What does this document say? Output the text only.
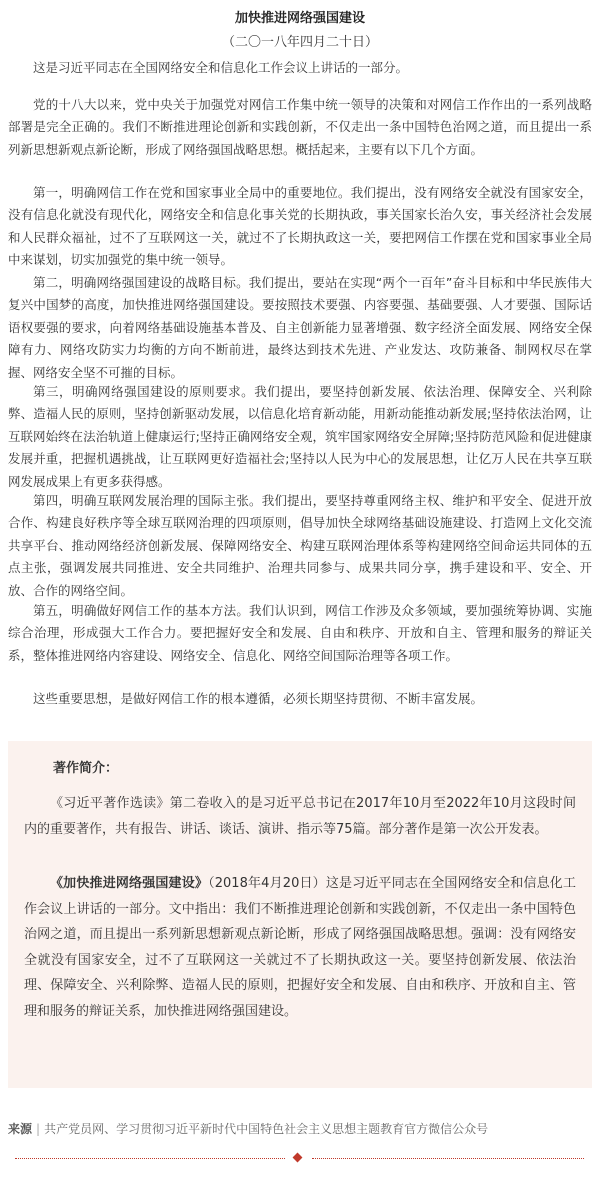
加快推进网络强国建设
（二〇一八年四月二十日）

这是习近平同志在全国网络安全和信息化工作会议上讲话的一部分。

党的十八大以来，党中央关于加强党对网信工作集中统一领导的决策和对网信工作作出的一系列战略部署是完全正确的。我们不断推进理论创新和实践创新，不仅走出一条中国特色治网之道，而且提出一系列新思想新观点新论断，形成了网络强国战略思想。概括起来，主要有以下几个方面。

第一，明确网信工作在党和国家事业全局中的重要地位。我们提出，没有网络安全就没有国家安全，没有信息化就没有现代化，网络安全和信息化事关党的长期执政，事关国家长治久安，事关经济社会发展和人民群众福祉，过不了互联网这一关，就过不了长期执政这一关，要把网信工作摆在党和国家事业全局中来谋划，切实加强党的集中统一领导。

第二，明确网络强国建设的战略目标。我们提出，要站在实现“两个一百年”奋斗目标和中华民族伟大复兴中国梦的高度，加快推进网络强国建设。要按照技术要强、内容要强、基础要强、人才要强、国际话语权要强的要求，向着网络基础设施基本普及、自主创新能力显著增强、数字经济全面发展、网络安全保障有力、网络攻防实力均衡的方向不断前进，最终达到技术先进、产业发达、攻防兼备、制网权尽在掌握、网络安全坚不可摧的目标。

第三，明确网络强国建设的原则要求。我们提出，要坚持创新发展、依法治理、保障安全、兴利除弊、造福人民的原则，坚持创新驱动发展，以信息化培育新动能，用新动能推动新发展;坚持依法治网，让互联网始终在法治轨道上健康运行;坚持正确网络安全观，筑牢国家网络安全屏障;坚持防范风险和促进健康发展并重，把握机遇挑战，让互联网更好造福社会;坚持以人民为中心的发展思想，让亿万人民在共享互联网发展成果上有更多获得感。

第四，明确互联网发展治理的国际主张。我们提出，要坚持尊重网络主权、维护和平安全、促进开放合作、构建良好秩序等全球互联网治理的四项原则，倡导加快全球网络基础设施建设、打造网上文化交流共享平台、推动网络经济创新发展、保障网络安全、构建互联网治理体系等构建网络空间命运共同体的五点主张，强调发展共同推进、安全共同维护、治理共同参与、成果共同分享，携手建设和平、安全、开放、合作的网络空间。

第五，明确做好网信工作的基本方法。我们认识到，网信工作涉及众多领域，要加强统筹协调、实施综合治理，形成强大工作合力。要把握好安全和发展、自由和秩序、开放和自主、管理和服务的辩证关系，整体推进网络内容建设、网络安全、信息化、网络空间国际治理等各项工作。

这些重要思想，是做好网信工作的根本遵循，必须长期坚持贯彻、不断丰富发展。

著作简介：

《习近平著作选读》第二卷收入的是习近平总书记在2017年10月至2022年10月这段时间内的重要著作，共有报告、讲话、谈话、演讲、指示等75篇。部分著作是第一次公开发表。

《加快推进网络强国建设》（2018年4月20日）这是习近平同志在全国网络安全和信息化工作会议上讲话的一部分。文中指出：我们不断推进理论创新和实践创新，不仅走出一条中国特色治网之道，而且提出一系列新思想新观点新论断，形成了网络强国战略思想。强调：没有网络安全就没有国家安全，过不了互联网这一关就过不了长期执政这一关。要坚持创新发展、依法治理、保障安全、兴利除弊、造福人民的原则，把握好安全和发展、自由和秩序、开放和自主、管理和服务的辩证关系，加快推进网络强国建设。

来源 | 共产党员网、学习贯彻习近平新时代中国特色社会主义思想主题教育官方微信公众号
